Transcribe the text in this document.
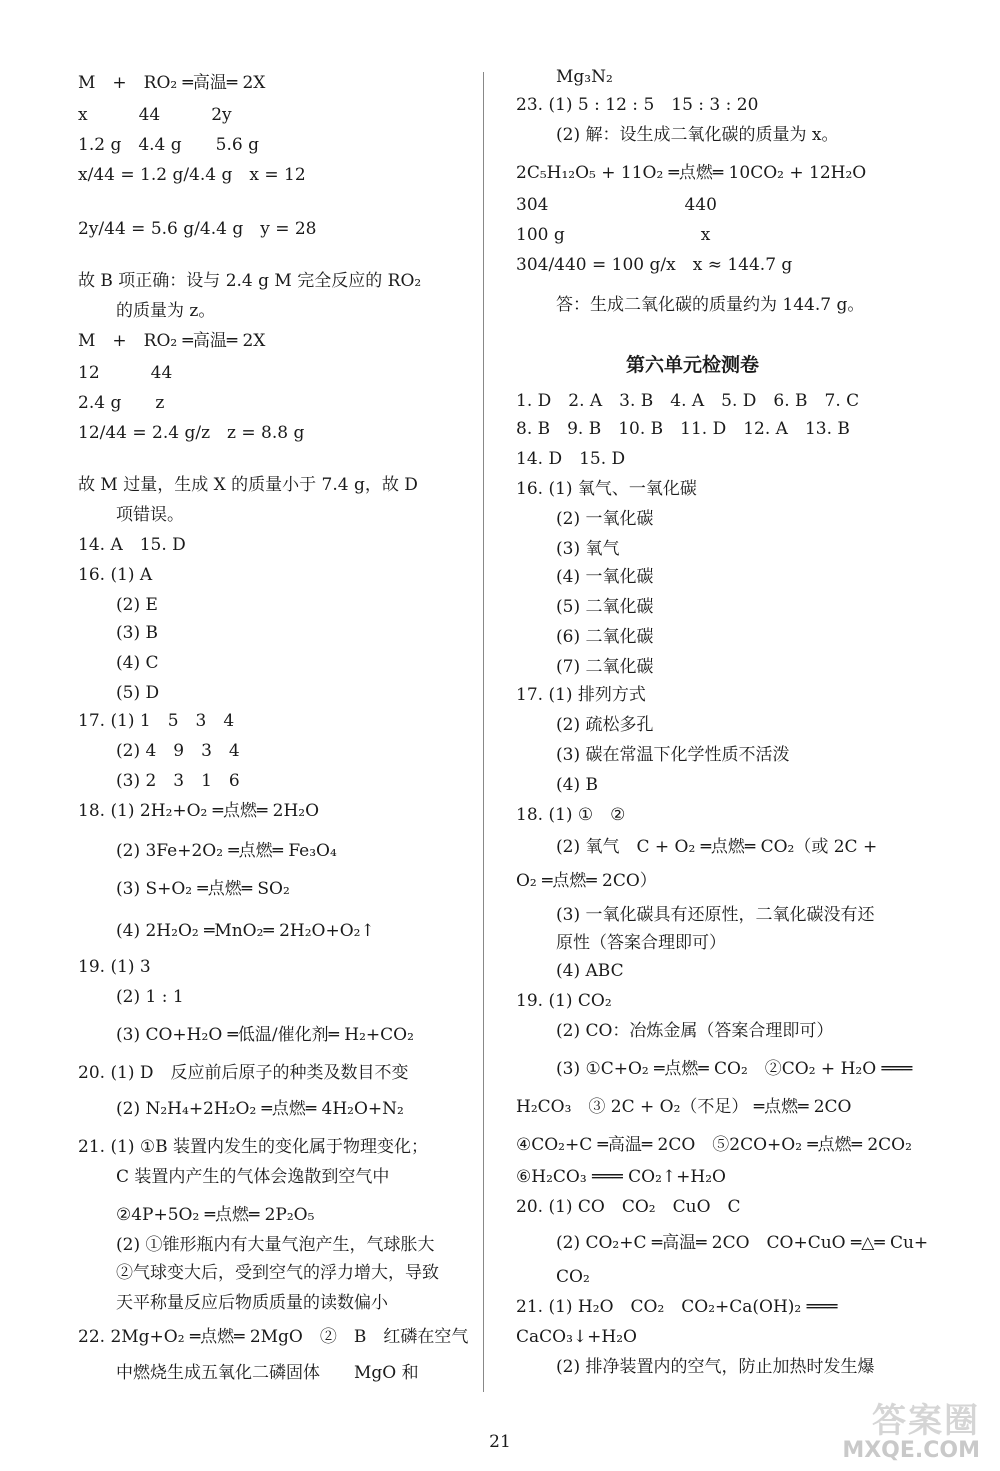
M　+　RO₂ ═高温═ 2X
x　　　44　　　2y
1.2 g　4.4 g　　5.6 g
x/44 = 1.2 g/4.4 g　x = 12
2y/44 = 5.6 g/4.4 g　y = 28
故 B 项正确：设与 2.4 g M 完全反应的 RO₂
的质量为 z。
M　+　RO₂ ═高温═ 2X
12　　　44
2.4 g　　z
12/44 = 2.4 g/z　z = 8.8 g
故 M 过量，生成 X 的质量小于 7.4 g，故 D
项错误。
14. A　15. D
16. (1) A
(2) E
(3) B
(4) C
(5) D
17. (1) 1　5　3　4
(2) 4　9　3　4
(3) 2　3　1　6
18. (1) 2H₂+O₂ ═点燃═ 2H₂O
(2) 3Fe+2O₂ ═点燃═ Fe₃O₄
(3) S+O₂ ═点燃═ SO₂
(4) 2H₂O₂ ═MnO₂═ 2H₂O+O₂↑
19. (1) 3
(2) 1 : 1
(3) CO+H₂O ═低温/催化剂═ H₂+CO₂
20. (1) D　反应前后原子的种类及数目不变
(2) N₂H₄+2H₂O₂ ═点燃═ 4H₂O+N₂
21. (1) ①B 装置内发生的变化属于物理变化；
C 装置内产生的气体会逸散到空气中
②4P+5O₂ ═点燃═ 2P₂O₅
(2) ①锥形瓶内有大量气泡产生，气球胀大
②气球变大后，受到空气的浮力增大，导致
天平称量反应后物质质量的读数偏小
22. 2Mg+O₂ ═点燃═ 2MgO　②　B　红磷在空气
中燃烧生成五氧化二磷固体　　MgO 和
Mg₃N₂
23. (1) 5 : 12 : 5　15 : 3 : 20
(2) 解：设生成二氧化碳的质量为 x。
2C₅H₁₂O₅ + 11O₂ ═点燃═ 10CO₂ + 12H₂O
304　　　　　　　　440
100 g　　　　　　　　x
304/440 = 100 g/x　x ≈ 144.7 g
答：生成二氧化碳的质量约为 144.7 g。
第六单元检测卷
1. D　2. A　3. B　4. A　5. D　6. B　7. C
8. B　9. B　10. B　11. D　12. A　13. B
14. D　15. D
16. (1) 氧气、一氧化碳
(2) 一氧化碳
(3) 氧气
(4) 一氧化碳
(5) 二氧化碳
(6) 二氧化碳
(7) 二氧化碳
17. (1) 排列方式
(2) 疏松多孔
(3) 碳在常温下化学性质不活泼
(4) B
18. (1) ①　②
(2) 氧气　C + O₂ ═点燃═ CO₂（或 2C +
O₂ ═点燃═ 2CO）
(3) 一氧化碳具有还原性，二氧化碳没有还
原性（答案合理即可）
(4) ABC
19. (1) CO₂
(2) CO：冶炼金属（答案合理即可）
(3) ①C+O₂ ═点燃═ CO₂　②CO₂ + H₂O ═══
H₂CO₃　③ 2C + O₂（不足） ═点燃═ 2CO
④CO₂+C ═高温═ 2CO　⑤2CO+O₂ ═点燃═ 2CO₂
⑥H₂CO₃ ═══ CO₂↑+H₂O
20. (1) CO　CO₂　CuO　C
(2) CO₂+C ═高温═ 2CO　CO+CuO ═△═ Cu+
CO₂
21. (1) H₂O　CO₂　CO₂+Ca(OH)₂ ═══
CaCO₃↓+H₂O
(2) 排净装置内的空气，防止加热时发生爆
21
答案圈
MXQE.COM
